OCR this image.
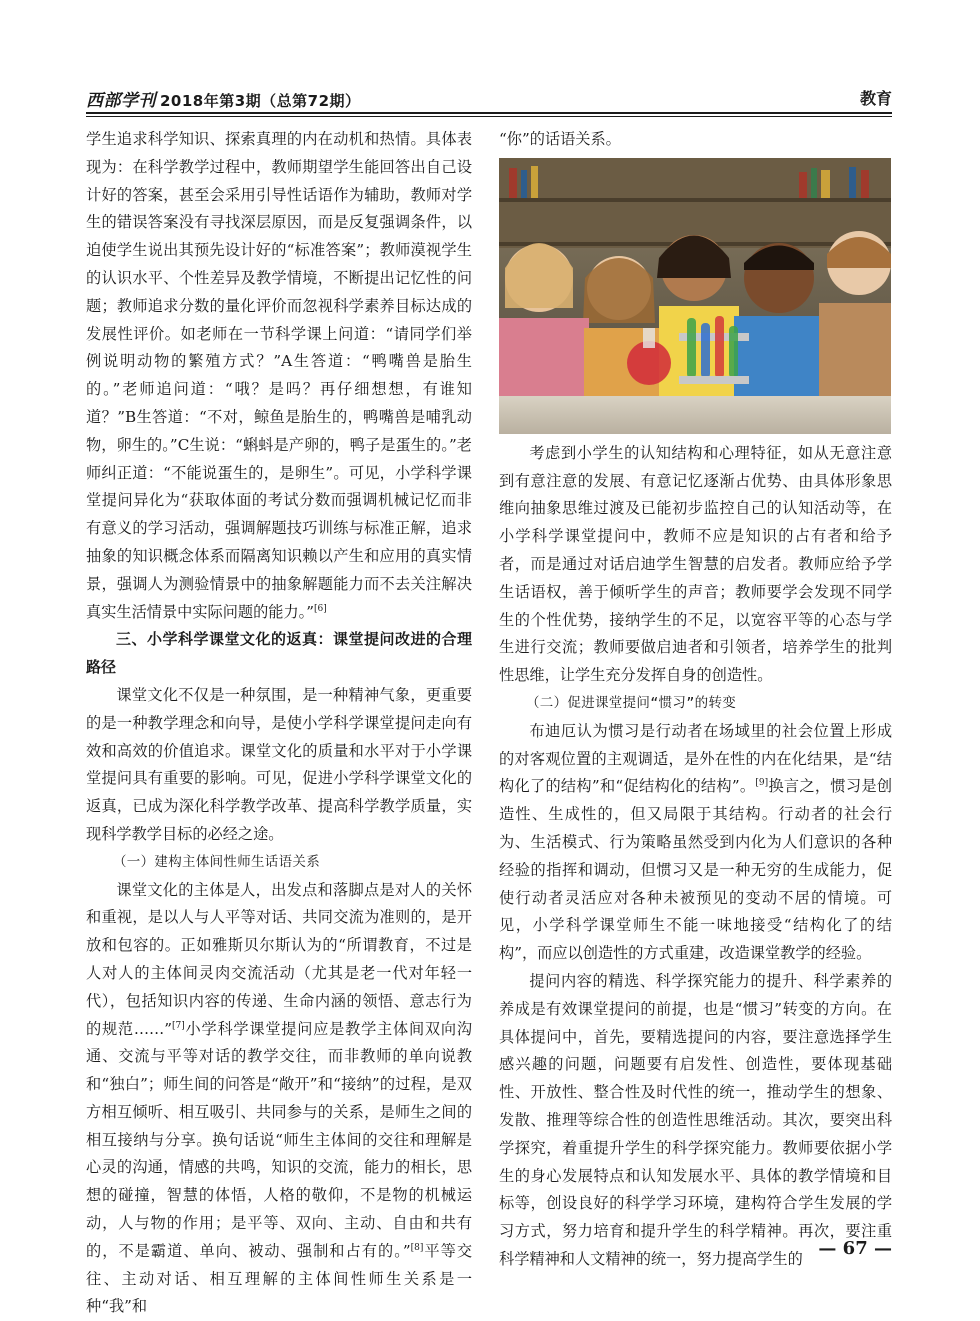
西部学刊 2018年第3期（总第72期）	教育

学生追求科学知识、探索真理的内在动机和热情。具体表现为：在科学教学过程中，教师期望学生能回答出自己设计好的答案，甚至会采用引导性话语作为辅助，教师对学生的错误答案没有寻找深层原因，而是反复强调条件，以迫使学生说出其预先设计好的“标准答案”；教师漠视学生的认识水平、个性差异及教学情境，不断提出记忆性的问题；教师追求分数的量化评价而忽视科学素养目标达成的发展性评价。如老师在一节科学课上问道：“请同学们举例说明动物的繁殖方式？”A生答道：“鸭嘴兽是胎生的。”老师追问道：“哦？是吗？再仔细想想，有谁知道？”B生答道：“不对，鲸鱼是胎生的，鸭嘴兽是哺乳动物，卵生的。”C生说：“蝌蚪是产卵的，鸭子是蛋生的。”老师纠正道：“不能说蛋生的，是卵生”。可见，小学科学课堂提问异化为“获取体面的考试分数而强调机械记忆而非有意义的学习活动，强调解题技巧训练与标准正解，追求抽象的知识概念体系而隔离知识赖以产生和应用的真实情景，强调人为测验情景中的抽象解题能力而不去关注解决真实生活情景中实际问题的能力。”[6]

三、小学科学课堂文化的返真：课堂提问改进的合理路径

课堂文化不仅是一种氛围，是一种精神气象，更重要的是一种教学理念和向导，是使小学科学课堂提问走向有效和高效的价值追求。课堂文化的质量和水平对于小学课堂提问具有重要的影响。可见，促进小学科学课堂文化的返真，已成为深化科学教学改革、提高科学教学质量，实现科学教学目标的必经之途。

（一）建构主体间性师生话语关系

课堂文化的主体是人，出发点和落脚点是对人的关怀和重视，是以人与人平等对话、共同交流为准则的，是开放和包容的。正如雅斯贝尔斯认为的“所谓教育，不过是人对人的主体间灵肉交流活动（尤其是老一代对年轻一代），包括知识内容的传递、生命内涵的领悟、意志行为的规范……”[7]小学科学课堂提问应是教学主体间双向沟通、交流与平等对话的教学交往，而非教师的单向说教和“独白”；师生间的问答是“敞开”和“接纳”的过程，是双方相互倾听、相互吸引、共同参与的关系，是师生之间的相互接纳与分享。换句话说“师生主体间的交往和理解是心灵的沟通，情感的共鸣，知识的交流，能力的相长，思想的碰撞，智慧的体悟，人格的敬仰，不是物的机械运动，人与物的作用；是平等、双向、主动、自由和共有的，不是霸道、单向、被动、强制和占有的。”[8]平等交往、主动对话、相互理解的主体间性师生关系是一种“我”和

“你”的话语关系。

考虑到小学生的认知结构和心理特征，如从无意注意到有意注意的发展、有意记忆逐渐占优势、由具体形象思维向抽象思维过渡及已能初步监控自己的认知活动等，在小学科学课堂提问中，教师不应是知识的占有者和给予者，而是通过对话启迪学生智慧的启发者。教师应给予学生话语权，善于倾听学生的声音；教师要学会发现不同学生的个性优势，接纳学生的不足，以宽容平等的心态与学生进行交流；教师要做启迪者和引领者，培养学生的批判性思维，让学生充分发挥自身的创造性。

（二）促进课堂提问“惯习”的转变

布迪厄认为惯习是行动者在场域里的社会位置上形成的对客观位置的主观调适，是外在性的内在化结果，是“结构化了的结构”和“促结构化的结构”。[9]换言之，惯习是创造性、生成性的，但又局限于其结构。行动者的社会行为、生活模式、行为策略虽然受到内化为人们意识的各种经验的指挥和调动，但惯习又是一种无穷的生成能力，促使行动者灵活应对各种未被预见的变动不居的情境。可见，小学科学课堂师生不能一味地接受“结构化了的结构”，而应以创造性的方式重建，改造课堂教学的经验。

提问内容的精选、科学探究能力的提升、科学素养的养成是有效课堂提问的前提，也是“惯习”转变的方向。在具体提问中，首先，要精选提问的内容，要注意选择学生感兴趣的问题，问题要有启发性、创造性，要体现基础性、开放性、整合性及时代性的统一，推动学生的想象、发散、推理等综合性的创造性思维活动。其次，要突出科学探究，着重提升学生的科学探究能力。教师要依据小学生的身心发展特点和认知发展水平、具体的教学情境和目标等，创设良好的科学学习环境，建构符合学生发展的学习方式，努力培育和提升学生的科学精神。再次，要注重科学精神和人文精神的统一，努力提高学生的 — 67 —
